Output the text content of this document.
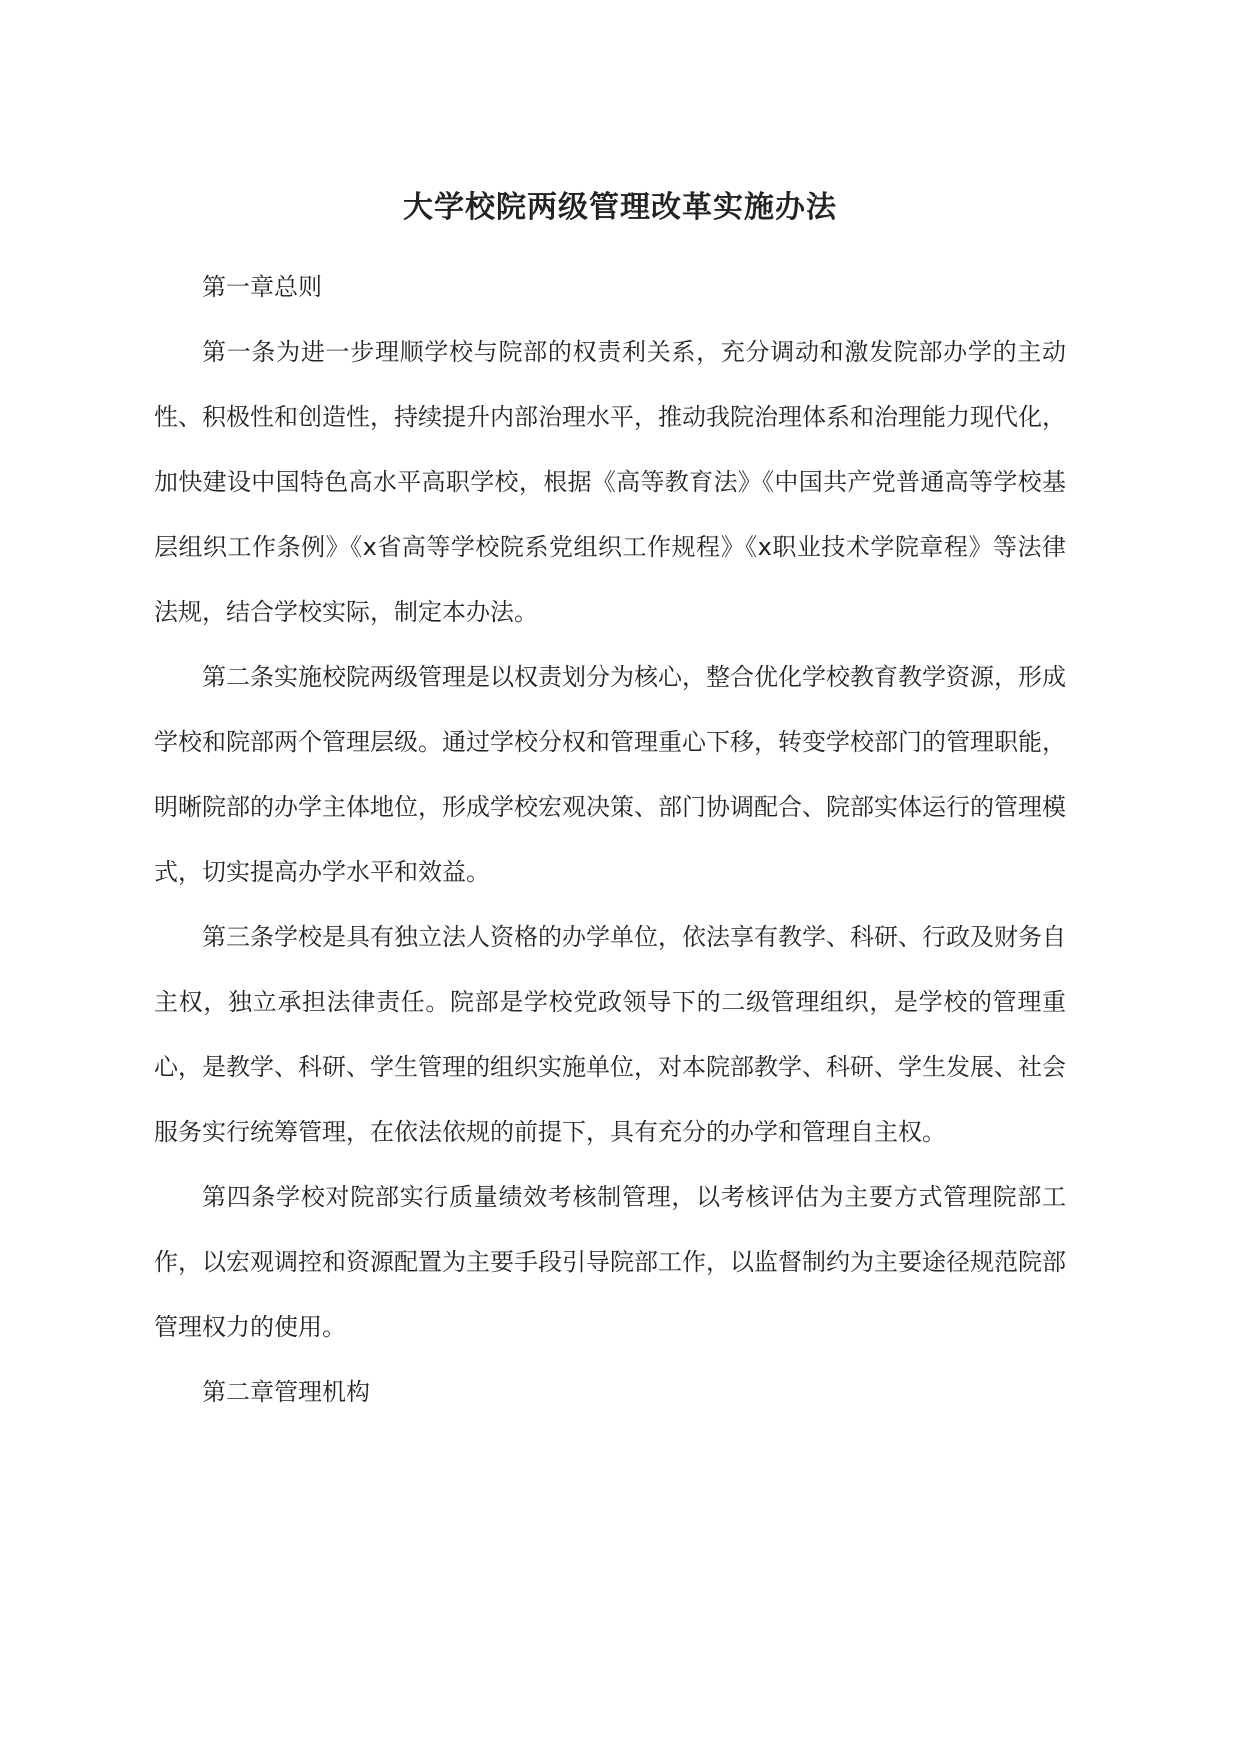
大学校院两级管理改革实施办法

第一章总则

第一条为进一步理顺学校与院部的权责利关系，充分调动和激发院部办学的主动性、积极性和创造性，持续提升内部治理水平，推动我院治理体系和治理能力现代化，加快建设中国特色高水平高职学校，根据《高等教育法》《中国共产党普通高等学校基层组织工作条例》《x省高等学校院系党组织工作规程》《x职业技术学院章程》等法律法规，结合学校实际，制定本办法。

第二条实施校院两级管理是以权责划分为核心，整合优化学校教育教学资源，形成学校和院部两个管理层级。通过学校分权和管理重心下移，转变学校部门的管理职能，明晰院部的办学主体地位，形成学校宏观决策、部门协调配合、院部实体运行的管理模式，切实提高办学水平和效益。

第三条学校是具有独立法人资格的办学单位，依法享有教学、科研、行政及财务自主权，独立承担法律责任。院部是学校党政领导下的二级管理组织，是学校的管理重心，是教学、科研、学生管理的组织实施单位，对本院部教学、科研、学生发展、社会服务实行统筹管理，在依法依规的前提下，具有充分的办学和管理自主权。

第四条学校对院部实行质量绩效考核制管理，以考核评估为主要方式管理院部工作，以宏观调控和资源配置为主要手段引导院部工作，以监督制约为主要途径规范院部管理权力的使用。

第二章管理机构
